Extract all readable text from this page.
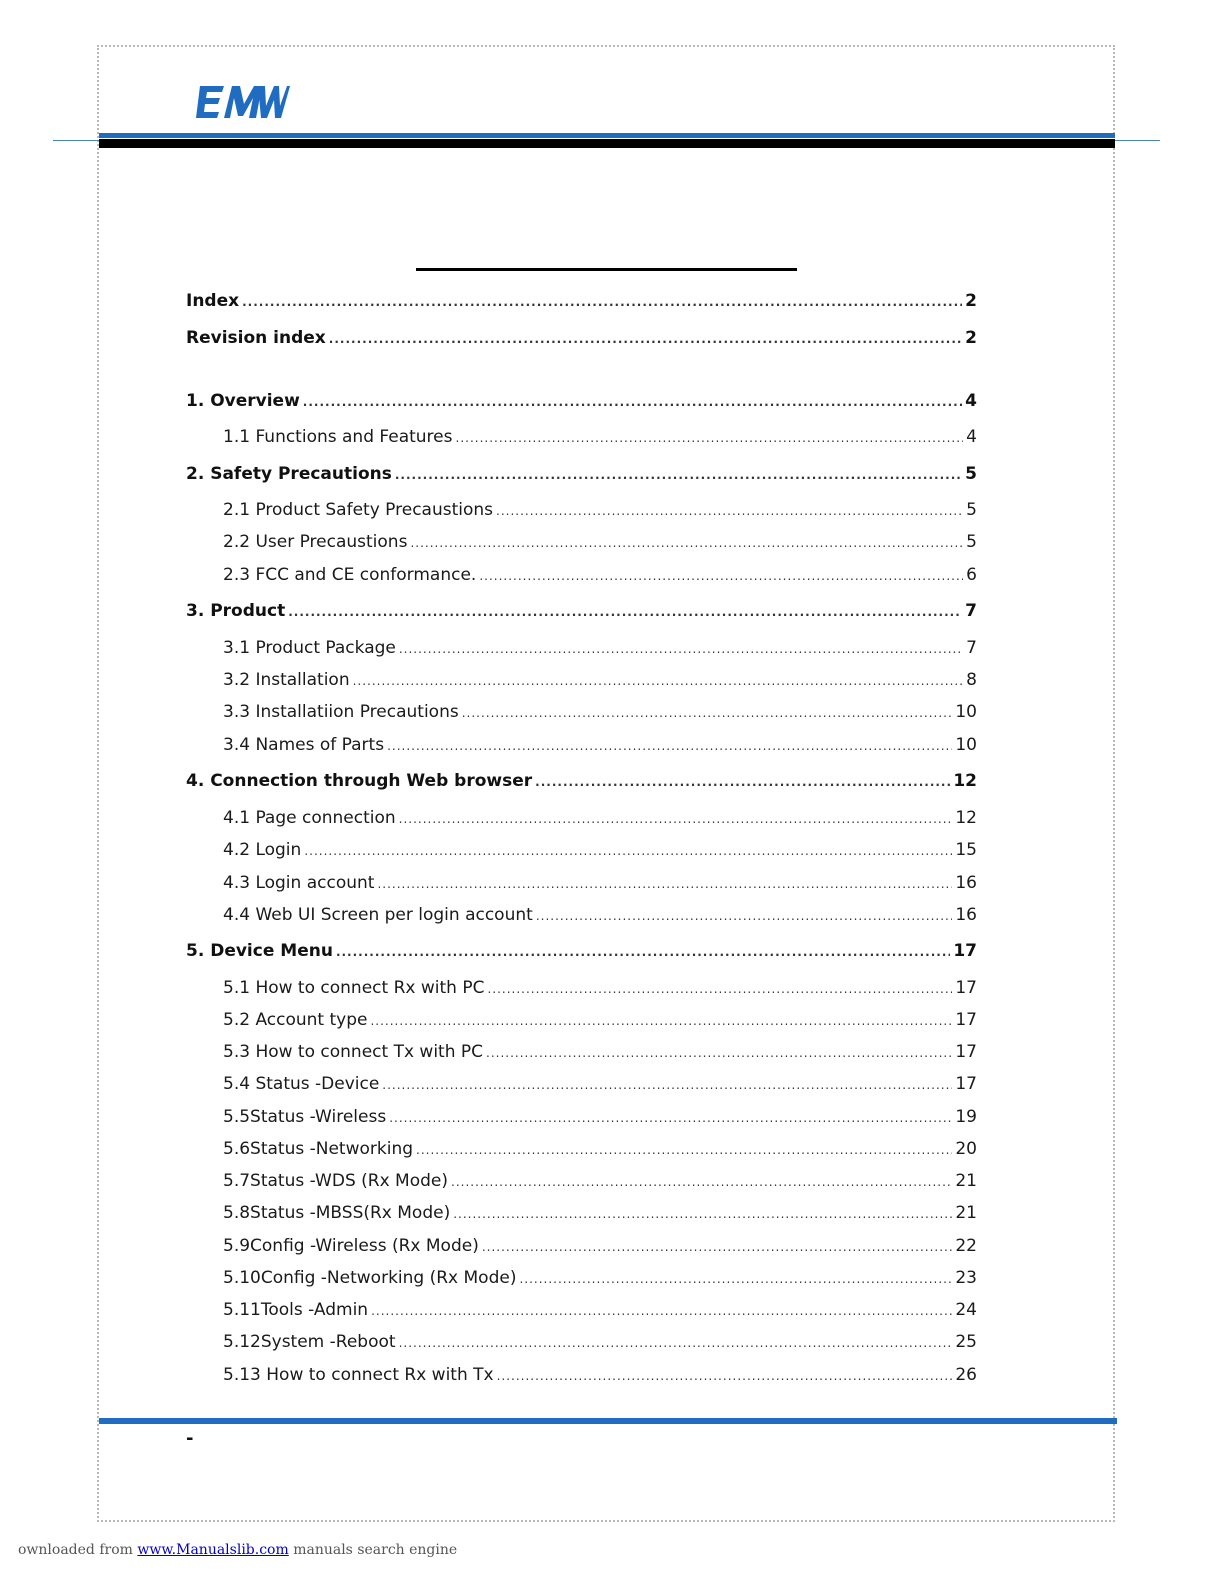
Index .....	2
Revision index .....	2
1. Overview .....	4
1.1 Functions and Features .....	4
2. Safety Precautions .....	5
2.1 Product Safety Precaustions .....	5
2.2 User Precaustions .....	5
2.3 FCC and CE conformance. .....	6
3. Product .....	7
3.1 Product Package .....	7
3.2 Installation .....	8
3.3 Installatiion Precautions .....	10
3.4 Names of Parts .....	10
4. Connection through Web browser .....	12
4.1 Page connection .....	12
4.2 Login .....	15
4.3 Login account .....	16
4.4 Web UI Screen per login account .....	16
5. Device Menu .....	17
5.1 How to connect Rx with PC .....	17
5.2 Account type .....	17
5.3 How to connect Tx with PC .....	17
5.4 Status -Device .....	17
5.5Status -Wireless .....	19
5.6Status -Networking .....	20
5.7Status -WDS (Rx Mode) .....	21
5.8Status -MBSS(Rx Mode) .....	21
5.9Config -Wireless (Rx Mode) .....	22
5.10Config -Networking (Rx Mode) .....	23
5.11Tools -Admin .....	24
5.12System -Reboot .....	25
5.13 How to connect Rx with Tx .....	26
-
ownloaded from www.Manualslib.com manuals search engine
